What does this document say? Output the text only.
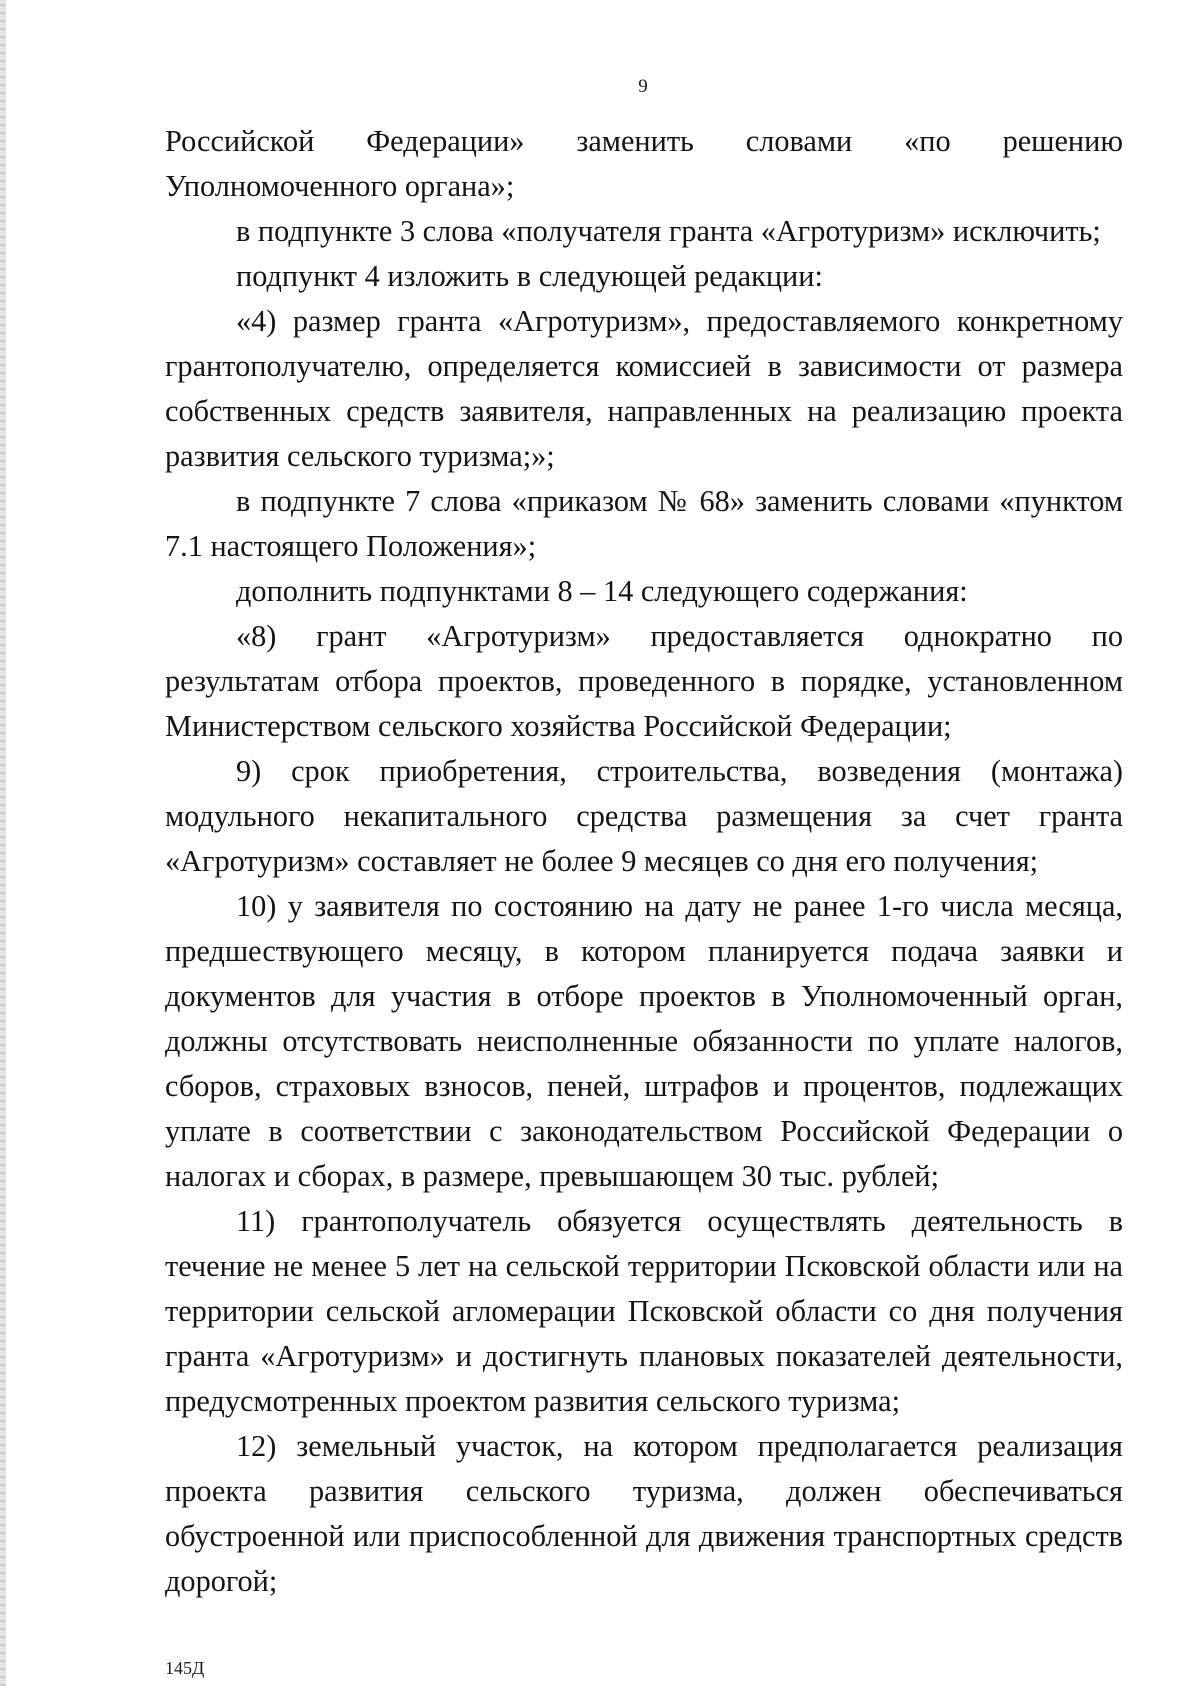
9

Российской Федерации» заменить словами «по решению Уполномоченного органа»;

в подпункте 3 слова «получателя гранта «Агротуризм» исключить;

подпункт 4 изложить в следующей редакции:

«4) размер гранта «Агротуризм», предоставляемого конкретному грантополучателю, определяется комиссией в зависимости от размера собственных средств заявителя, направленных на реализацию проекта развития сельского туризма;»;

в подпункте 7 слова «приказом № 68» заменить словами «пунктом 7.1 настоящего Положения»;

дополнить подпунктами 8 – 14 следующего содержания:

«8) грант «Агротуризм» предоставляется однократно по результатам отбора проектов, проведенного в порядке, установленном Министерством сельского хозяйства Российской Федерации;

9) срок приобретения, строительства, возведения (монтажа) модульного некапитального средства размещения за счет гранта «Агротуризм» составляет не более 9 месяцев со дня его получения;

10) у заявителя по состоянию на дату не ранее 1-го числа месяца, предшествующего месяцу, в котором планируется подача заявки и документов для участия в отборе проектов в Уполномоченный орган, должны отсутствовать неисполненные обязанности по уплате налогов, сборов, страховых взносов, пеней, штрафов и процентов, подлежащих уплате в соответствии с законодательством Российской Федерации о налогах и сборах, в размере, превышающем 30 тыс. рублей;

11) грантополучатель обязуется осуществлять деятельность в течение не менее 5 лет на сельской территории Псковской области или на территории сельской агломерации Псковской области со дня получения гранта «Агротуризм» и достигнуть плановых показателей деятельности, предусмотренных проектом развития сельского туризма;

12) земельный участок, на котором предполагается реализация проекта развития сельского туризма, должен обеспечиваться обустроенной или приспособленной для движения транспортных средств дорогой;

145Д
